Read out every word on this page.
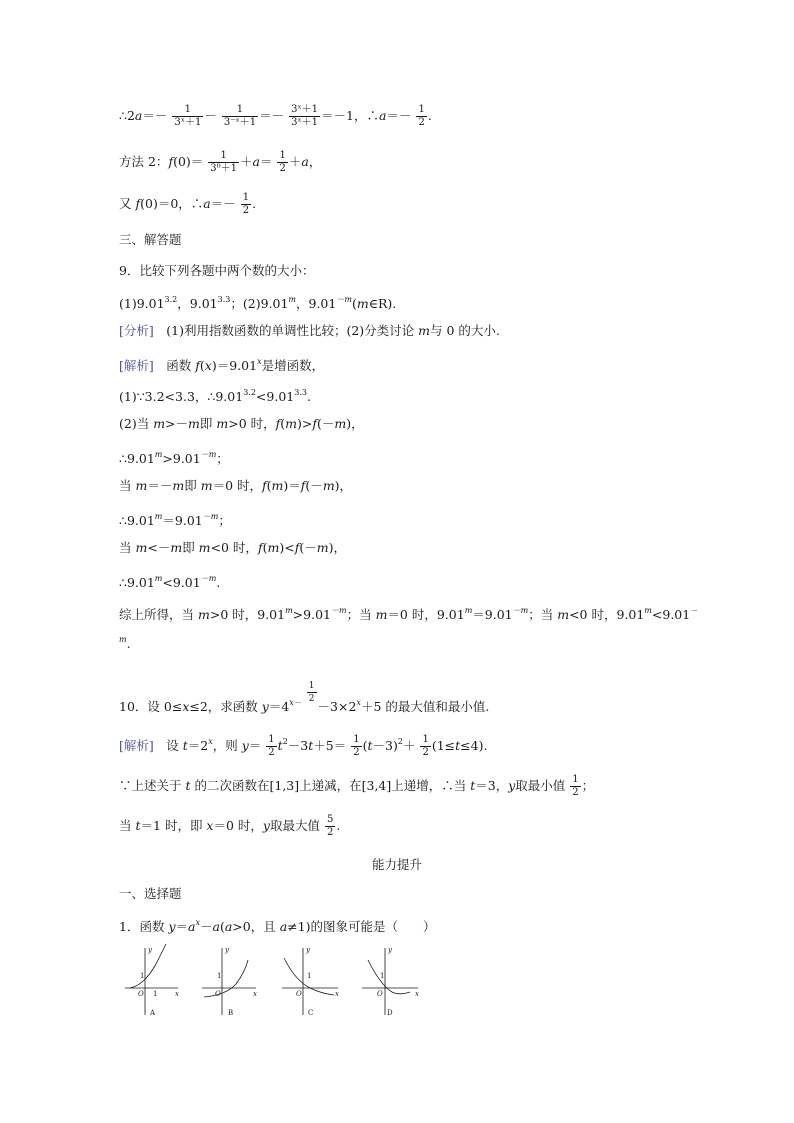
∴2a＝－ $\frac{1}{\text{3ˣ＋1}} - \frac{1}{\text{3⁻ˣ＋1}} =- \frac{\text{3ˣ＋1}}{\text{3ˣ＋1}} =-1$，∴a＝－ $\frac{1}{2}$ .
方法 2：$f(0)= \frac{1}{\text{3⁰＋1}} +a= \frac{1}{2} +a$，
又 f(0)＝0，∴a＝－ $\frac{1}{2}$ .
三、解答题
9．比较下列各题中两个数的大小：
$(1)9.01^{3.2}$，$9.01^{3.3}$；(2)9.01$^m$，$9.01^{-m}(m\in R)$.
[分析]　(1)利用指数函数的单调性比较；(2)分类讨论 m与 0 的大小.
[解析]　函数 $f(x)=9.01^x$是增函数，
(1)∵3.2<3.3，$\therefore 9.01^{3.2}<9.01^{3.3}$.
(2)当 m>－m即 m>0 时，f(m)>f(－m)，
$\therefore 9.01^m>9.01^{-m}$；
当 m＝－m即 m＝0 时，f(m)＝f(－m)，
$\therefore 9.01^m=9.01^{-m}$；
当 m<－m即 m<0 时，f(m)<f(－m)，
$\therefore 9.01^m<9.01^{-m}$.
综上所得，当 m>0 时，$9.01^m>9.01^{-m}$；当 m＝0 时，$9.01^m=9.01^{-m}$；当 m<0 时，$9.01^m<9.01^-$
$^m$.
10．设 0≤x≤2，求函数 $y=4^{x-} \frac{1}{2}$
$-3\times 2^x+5$ 的最大值和最小值.
[解析]　设 $t=2^x$，则 $y= \frac{1}{2} t^2-3t+5= \frac{1}{2} (t-3)^2+ \frac{1}{2} (1\le t\le 4)$.
∵上述关于 t 的二次函数在[1,3]上递减，在[3,4]上递增，∴当 t＝3，y取最小值 $\frac{1}{2}$ ；
当 t＝1 时，即 x＝0 时，y取最大值 $\frac{5}{2}$ .
能力提升
一、选择题
1．函数 $y=a^x-a(a>0$，且 a≠1)的图象可能是（　　）
y
x
O
1
1
A
y
x
O
1
B
y
x
O
1
C
y
x
O
1
D
